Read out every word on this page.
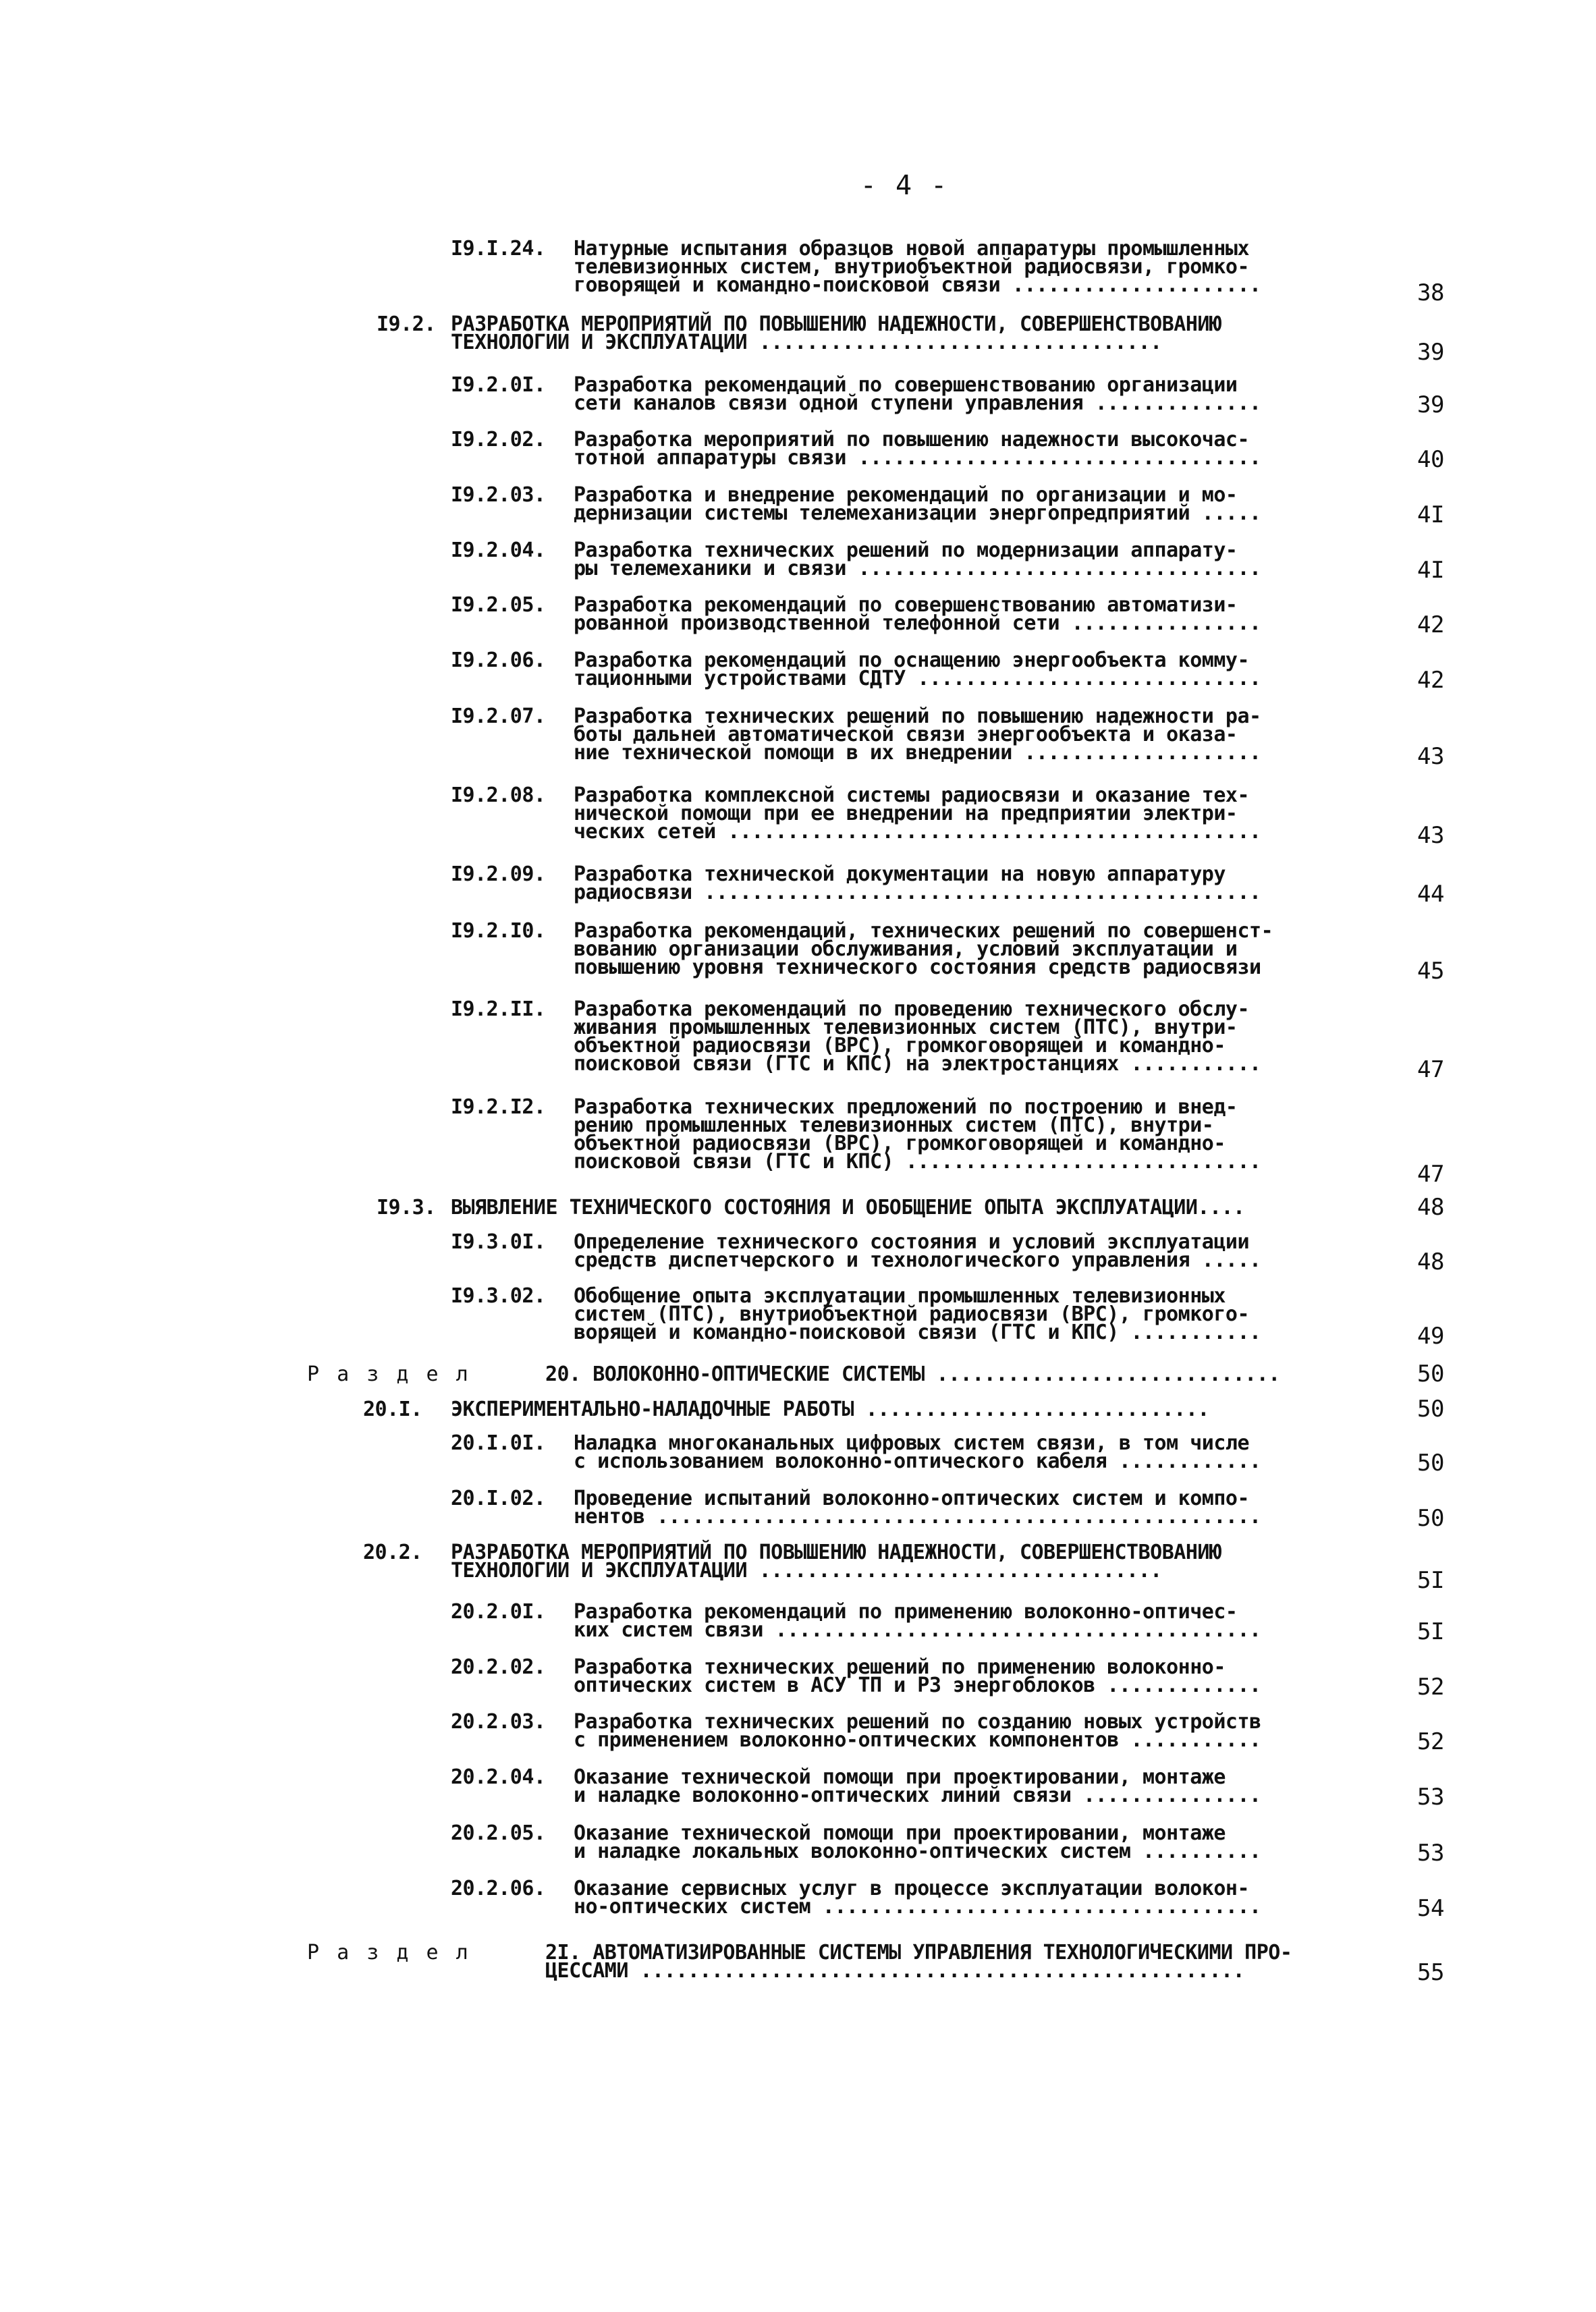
- 4 -
I9.I.24. Натурные испытания образцов новой аппаратуры промышленных
телевизионных систем, внутриобъектной радиосвязи, громко-
говорящей и командно-поисковой связи .....................	38
I9.2. РАЗРАБОТКА МЕРОПРИЯТИЙ ПО ПОВЫШЕНИЮ НАДЕЖНОСТИ, СОВЕРШЕНСТВОВАНИЮ
ТЕХНОЛОГИИ И ЭКСПЛУАТАЦИИ ..................................	39
I9.2.0I. Разработка рекомендаций по совершенствованию организации
сети каналов связи одной ступени управления ..............	39
I9.2.02. Разработка мероприятий по повышению надежности высокочас-
тотной аппаратуры связи ..................................	40
I9.2.03. Разработка и внедрение рекомендаций по организации и мо-
дернизации системы телемеханизации энергопредприятий .....	4I
I9.2.04. Разработка технических решений по модернизации аппарату-
ры телемеханики и связи ..................................	4I
I9.2.05. Разработка рекомендаций по совершенствованию автоматизи-
рованной производственной телефонной сети ................	42
I9.2.06. Разработка рекомендаций по оснащению энергообъекта комму-
тационными устройствами СДТУ .............................	42
I9.2.07. Разработка технических решений по повышению надежности ра-
боты дальней автоматической связи энергообъекта и оказа-
ние технической помощи в их внедрении ....................	43
I9.2.08. Разработка комплексной системы радиосвязи и оказание тех-
нической помощи при ее внедрении на предприятии электри-
ческих сетей .............................................	43
I9.2.09. Разработка технической документации на новую аппаратуру
радиосвязи ...............................................	44
I9.2.I0. Разработка рекомендаций, технических решений по совершенст-
вованию организации обслуживания, условий эксплуатации и
повышению уровня технического состояния средств радиосвязи	45
I9.2.II. Разработка рекомендаций по проведению технического обслу-
живания промышленных телевизионных систем (ПТС), внутри-
объектной радиосвязи (ВРС), громкоговорящей и командно-
поисковой связи (ГТС и КПС) на электростанциях ...........	47
I9.2.I2. Разработка технических предложений по построению и внед-
рению промышленных телевизионных систем (ПТС), внутри-
объектной радиосвязи (ВРС), громкоговорящей и командно-
поисковой связи (ГТС и КПС) ..............................	47
I9.3. ВЫЯВЛЕНИЕ ТЕХНИЧЕСКОГО СОСТОЯНИЯ И ОБОБЩЕНИЕ ОПЫТА ЭКСПЛУАТАЦИИ....	48
I9.3.0I. Определение технического состояния и условий эксплуатации
средств диспетчерского и технологического управления .....	48
I9.3.02. Обобщение опыта эксплуатации промышленных телевизионных
систем (ПТС), внутриобъектной радиосвязи (ВРС), громкого-
ворящей и командно-поисковой связи (ГТС и КПС) ...........	49
Р а з д е л	20. ВОЛОКОННО-ОПТИЧЕСКИЕ СИСТЕМЫ .............................	50
20.I. ЭКСПЕРИМЕНТАЛЬНО-НАЛАДОЧНЫЕ РАБОТЫ .............................	50
20.I.0I. Наладка многоканальных цифровых систем связи, в том числе
с использованием волоконно-оптического кабеля ............	50
20.I.02. Проведение испытаний волоконно-оптических систем и компо-
нентов ...................................................	50
20.2. РАЗРАБОТКА МЕРОПРИЯТИЙ ПО ПОВЫШЕНИЮ НАДЕЖНОСТИ, СОВЕРШЕНСТВОВАНИЮ
ТЕХНОЛОГИИ И ЭКСПЛУАТАЦИИ ..................................	5I
20.2.0I. Разработка рекомендаций по применению волоконно-оптичес-
ких систем связи .........................................	5I
20.2.02. Разработка технических решений по применению волоконно-
оптических систем в АСУ ТП и РЗ энергоблоков .............	52
20.2.03. Разработка технических решений по созданию новых устройств
с применением волоконно-оптических компонентов ...........	52
20.2.04. Оказание технической помощи при проектировании, монтаже
и наладке волоконно-оптических линий связи ...............	53
20.2.05. Оказание технической помощи при проектировании, монтаже
и наладке локальных волоконно-оптических систем ..........	53
20.2.06. Оказание сервисных услуг в процессе эксплуатации волокон-
но-оптических систем .....................................	54
Р а з д е л	2I. АВТОМАТИЗИРОВАННЫЕ СИСТЕМЫ УПРАВЛЕНИЯ ТЕХНОЛОГИЧЕСКИМИ ПРО-
ЦЕССАМИ ...................................................	55
